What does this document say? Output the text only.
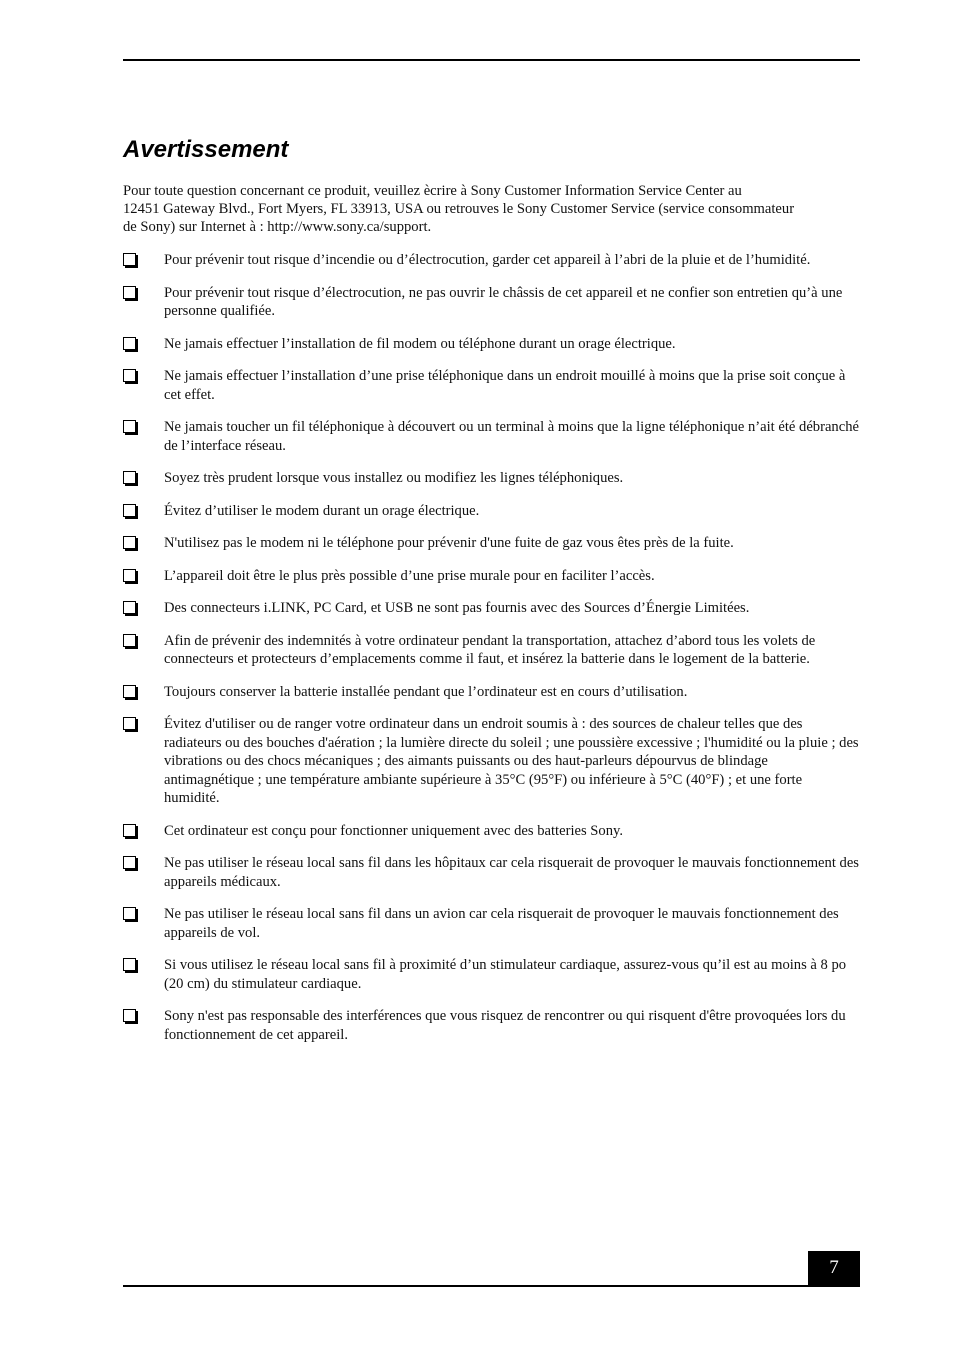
Avertissement

Pour toute question concernant ce produit, veuillez ècrire à Sony Customer Information Service Center au

12451 Gateway Blvd., Fort Myers, FL 33913, USA ou retrouves le Sony Customer Service (service consommateur

de Sony) sur Internet à : http://www.sony.ca/support.

Pour prévenir tout risque d’incendie ou d’électrocution, garder cet appareil à l’abri de la pluie et de l’humidité.
Pour prévenir tout risque d’électrocution, ne pas ouvrir le châssis de cet appareil et ne confier son entretien qu’à une personne qualifiée.
Ne jamais effectuer l’installation de fil modem ou téléphone durant un orage électrique.
Ne jamais effectuer l’installation d’une prise téléphonique dans un endroit mouillé à moins que la prise soit conçue à cet effet.
Ne jamais toucher un fil téléphonique à découvert ou un terminal à moins que la ligne téléphonique n’ait été débranché de l’interface réseau.
Soyez très prudent lorsque vous installez ou modifiez les lignes téléphoniques.
Évitez d’utiliser le modem durant un orage électrique.
N'utilisez pas le modem ni le téléphone pour prévenir d'une fuite de gaz vous êtes près de la fuite.
L’appareil doit être le plus près possible d’une prise murale pour en faciliter l’accès.
Des connecteurs i.LINK, PC Card, et USB ne sont pas fournis avec des Sources d’Énergie Limitées.
Afin de prévenir des indemnités à votre ordinateur pendant la transportation, attachez d’abord tous les volets de connecteurs et protecteurs d’emplacements comme il faut, et insérez la batterie dans le logement de la batterie.
Toujours conserver la batterie installée pendant que l’ordinateur est en cours d’utilisation.
Évitez d'utiliser ou de ranger votre ordinateur dans un endroit soumis à : des sources de chaleur telles que des radiateurs ou des bouches d'aération ; la lumière directe du soleil ; une poussière excessive ; l'humidité ou la pluie ; des vibrations ou des chocs mécaniques ; des aimants puissants ou des haut-parleurs dépourvus de blindage antimagnétique ; une température ambiante supérieure à 35°C (95°F) ou inférieure à 5°C (40°F) ; et une forte humidité.
Cet ordinateur est conçu pour fonctionner uniquement avec des batteries Sony.
Ne pas utiliser le réseau local sans fil dans les hôpitaux car cela risquerait de provoquer le mauvais fonctionnement des appareils médicaux.
Ne pas utiliser le réseau local sans fil dans un avion car cela risquerait de provoquer le mauvais fonctionnement des appareils de vol.
Si vous utilisez le réseau local sans fil à proximité d’un stimulateur cardiaque, assurez-vous qu’il est au moins à 8 po (20 cm) du stimulateur cardiaque.
Sony n'est pas responsable des interférences que vous risquez de rencontrer ou qui risquent d'être provoquées lors du fonctionnement de cet appareil.
7
